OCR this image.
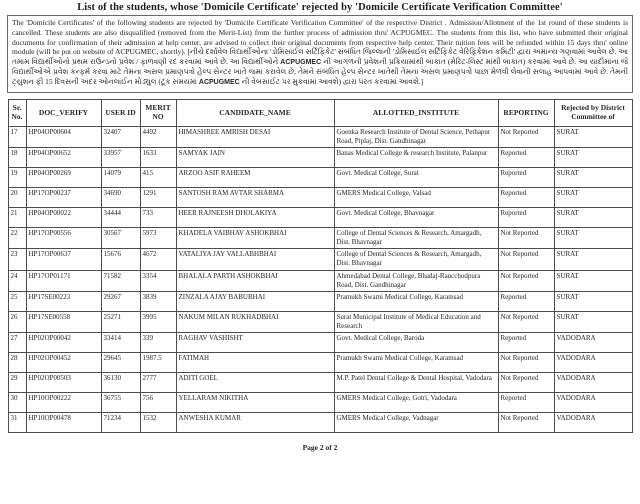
List of the students, whose 'Domicile Certificate' rejected by 'Domicile Certificate Verification Committee'
The 'Domicile Certificates' of the following students are rejected by 'Domicile Certificate Verification Committee' of the respective District . Admission/Allotment of the 1st round of these students is cancelled. These students are also disqualified (removed from the Merit-List) from the further process of admission thru' ACPUGMEC. The students from this list, who have submitted their original documents for confirmation of their admission at help center, are advised to collect their original documents from respective help center. Their tuition fees will be refunded within 15 days thru' online module (will be put on website of ACPUGMEC, shortly). [નીચે દર્શાવેલ વિદ્યાર્થીઓના 'ડોમિસાઈલ સર્ટિફિકેટ' સંબંધિત જિલ્લાની 'ડોમિસાઈલ સર્ટિફિકેટ વેરિફિકેશન કમિટી' દ્વારા અમાન્ય ગણવામાં આવેલ છે. આ તમામ વિદ્યાર્થીઓનો પ્રથમ રાઉન્ડનો પ્રવેશ / ફાળવણી રદ કરવામાં આવે છે. આ વિદ્યાર્થીઓને ACPUGMEC ની આગળની પ્રવેશની પ્રક્રિયામાંથી બાકાત (મેરિટ-લિસ્ટ માંથી બાકાત) કરવામાં આવે છે. આ યાદીમાંના જે વિદ્યાર્થીઓએ પ્રવેશ કન્ફર્મ કરવા માટે તેમના અસલ પ્રમાણપત્રો હેલ્પ સેન્ટર ખાતે જમા કરાવેલ છે, તેમને સંબંધિત હેલ્પ સેન્ટર ખાતેથી તેમના અસલ પ્રમાણપત્રો પાછા મેળવી લેવાની સલાહ આપવામાં આવે છે. તેમની ટ્યુશન ફી 15 દિવસની અંદર ઓનલાઈન મોડ્યુલ (ટૂંક સમયમાં ACPUGMEC ની વેબસાઈટ પર મુકવામાં આવશે) દ્વારા પરત કરવામાં આવશે.]
Sr. No.	DOC_VERIFY	USER ID	MERIT NO	CANDIDATE_NAME	ALLOTTED_INSTITUTE	REPORTING	Rejected by District Committee of
17	HP04OP00604	32407	4492	HIMASHREE AMRISH DESAI	Goenka Research Institute of Dental Science, Pethapur Road, Piplaj, Dist. Gandhinagar	Not Reported	SURAT
18	HP04OP00652	33957	1633	SAMYAK JAIN	Banas Medical College & research Institute, Palanpur	Reported	SURAT
19	HP04OP00269	14079	415	ARZOO ASIF RAHEEM	Govt. Medical College, Surat	Reported	SURAT
20	HP17OP00237	34690	1291	SANTOSH RAM AVTAR SHARMA	GMERS Medical College, Valsad	Reported	SURAT
21	HP04OP00022	34444	733	HEER RAJNEESH DHOLAKIYA	Govt. Medical College, Bhavnagar	Reported	SURAT
22	HP17OP00556	30567	5973	KHADELA VAIBHAV ASHOKBHAI	College of Dental Sciences & Research, Amargadh, Dist. Bhavnagar	Not Reported	SURAT
23	HP17OP00637	15676	4672	VATALIYA JAY VALLABHBHAI	College of Dental Sciences & Research, Amargadh, Dist. Bhavnagar	Not Reported	SURAT
24	HP17OP01171	71582	3354	BHALALA PARTH ASHOKBHAI	Ahmedabad Dental College, Bhadaj-Rancchodpura Road, Dist. Gandhinagar	Not Reported	SURAT
25	HP17SE00223	29267	3839	ZINZALA AJAY BABUBHAI	Pramukh Swami Medical College, Karamsad	Reported	SURAT
26	HP17SE00558	25271	3995	NAKUM MILAN RUKHADBHAI	Surat Municipal Institute of Medical Education and Research	Not Reported	SURAT
27	HP02OP00042	33414	339	RAGHAV VASHISHT	Govt. Medical College, Baroda	Reported	VADODARA
28	HP02OP00452	29645	1987.5	FATIMAH	Pramukh Swami Medical College, Karamsad	Not Reported	VADODARA
29	HP02OP00503	36130	2777	ADITI GOEL	M.P. Patel Dental College & Dental Hospital, Vadodara	Not Reported	VADODARA
30	HP10OP00222	36755	756	YELLARAM NIKITHA	GMERS Medical College, Gotri, Vadodara	Reported	VADODARA
31	HP10OP00478	71234	1532	ANWESHA KUMAR	GMERS Medical College, Vadnagar	Not Reported	VADODARA
Page 2 of 2
